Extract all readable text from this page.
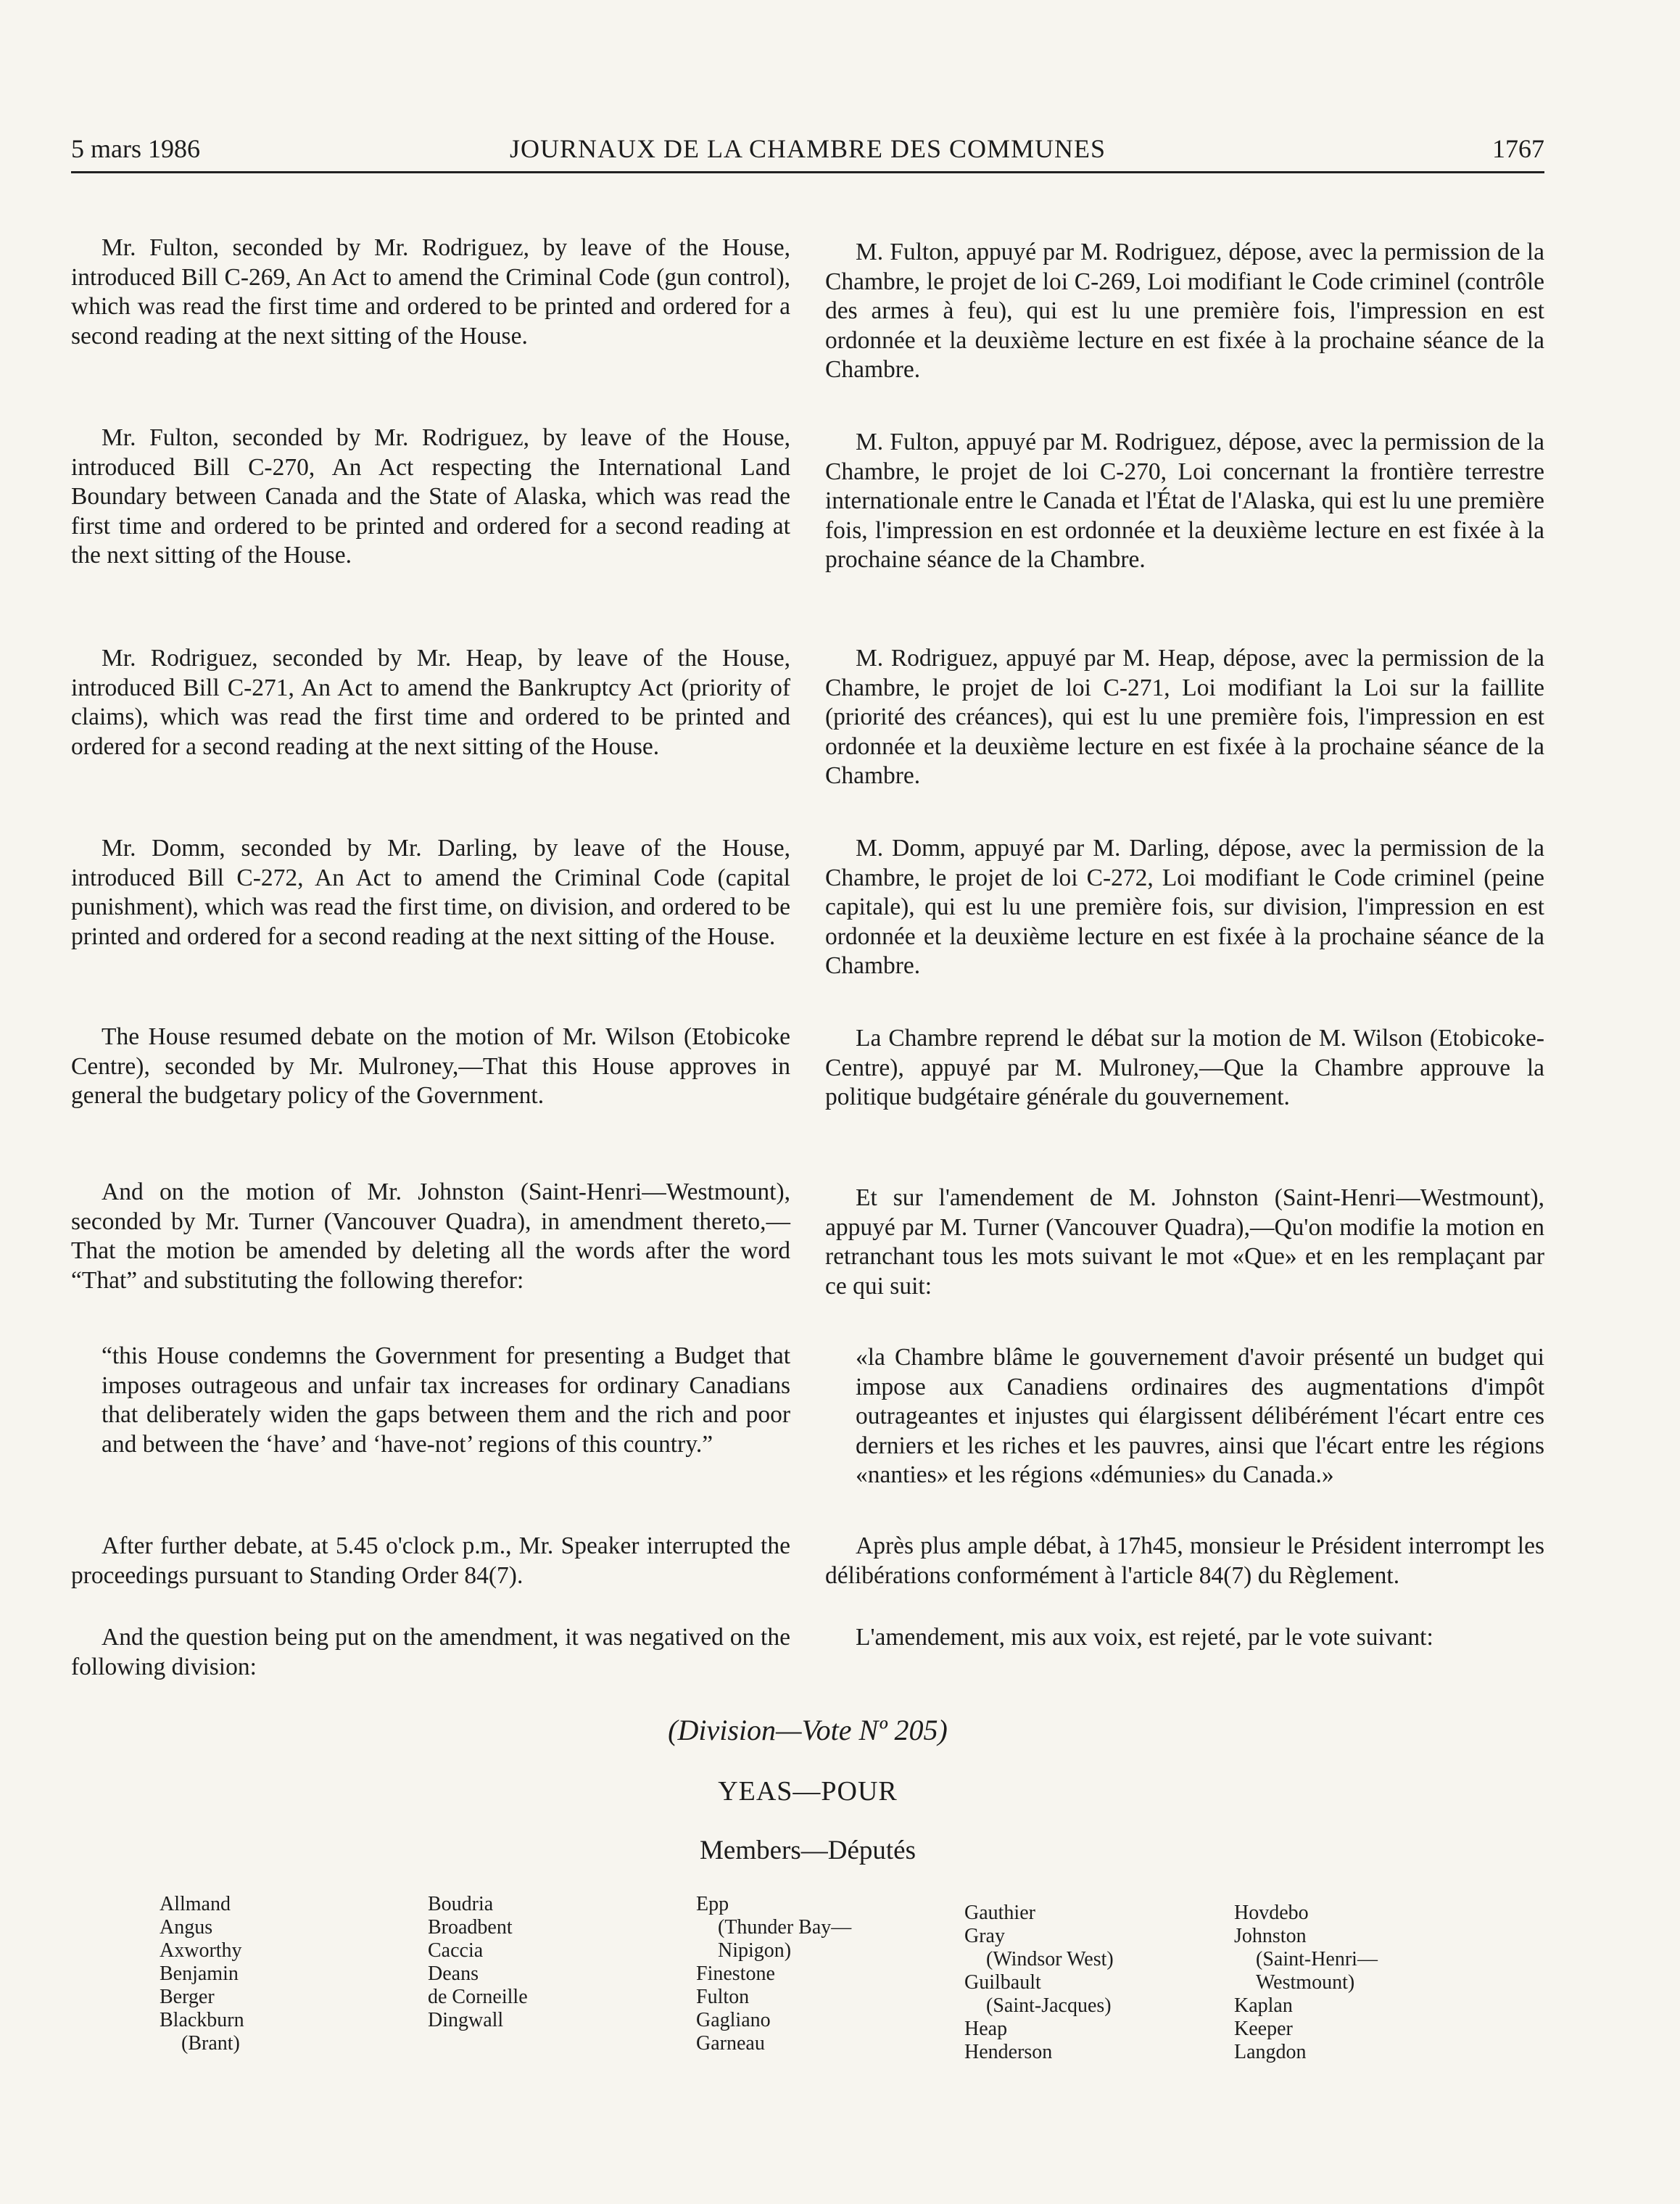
5 mars 1986	JOURNAUX DE LA CHAMBRE DES COMMUNES	1767

Mr. Fulton, seconded by Mr. Rodriguez, by leave of the House, introduced Bill C-269, An Act to amend the Criminal Code (gun control), which was read the first time and ordered to be printed and ordered for a second reading at the next sitting of the House.

Mr. Fulton, seconded by Mr. Rodriguez, by leave of the House, introduced Bill C-270, An Act respecting the International Land Boundary between Canada and the State of Alaska, which was read the first time and ordered to be printed and ordered for a second reading at the next sitting of the House.

Mr. Rodriguez, seconded by Mr. Heap, by leave of the House, introduced Bill C-271, An Act to amend the Bankruptcy Act (priority of claims), which was read the first time and ordered to be printed and ordered for a second reading at the next sitting of the House.

Mr. Domm, seconded by Mr. Darling, by leave of the House, introduced Bill C-272, An Act to amend the Criminal Code (capital punishment), which was read the first time, on division, and ordered to be printed and ordered for a second reading at the next sitting of the House.

The House resumed debate on the motion of Mr. Wilson (Etobicoke Centre), seconded by Mr. Mulroney,—That this House approves in general the budgetary policy of the Government.

And on the motion of Mr. Johnston (Saint-Henri—Westmount), seconded by Mr. Turner (Vancouver Quadra), in amendment thereto,—That the motion be amended by deleting all the words after the word “That” and substituting the following therefor:

“this House condemns the Government for presenting a Budget that imposes outrageous and unfair tax increases for ordinary Canadians that deliberately widen the gaps between them and the rich and poor and between the ‘have’ and ‘have-not’ regions of this country.”

After further debate, at 5.45 o'clock p.m., Mr. Speaker interrupted the proceedings pursuant to Standing Order 84(7).

And the question being put on the amendment, it was negatived on the following division:

M. Fulton, appuyé par M. Rodriguez, dépose, avec la permission de la Chambre, le projet de loi C-269, Loi modifiant le Code criminel (contrôle des armes à feu), qui est lu une première fois, l'impression en est ordonnée et la deuxième lecture en est fixée à la prochaine séance de la Chambre.

M. Fulton, appuyé par M. Rodriguez, dépose, avec la permission de la Chambre, le projet de loi C-270, Loi concernant la frontière terrestre internationale entre le Canada et l'État de l'Alaska, qui est lu une première fois, l'impression en est ordonnée et la deuxième lecture en est fixée à la prochaine séance de la Chambre.

M. Rodriguez, appuyé par M. Heap, dépose, avec la permission de la Chambre, le projet de loi C-271, Loi modifiant la Loi sur la faillite (priorité des créances), qui est lu une première fois, l'impression en est ordonnée et la deuxième lecture en est fixée à la prochaine séance de la Chambre.

M. Domm, appuyé par M. Darling, dépose, avec la permission de la Chambre, le projet de loi C-272, Loi modifiant le Code criminel (peine capitale), qui est lu une première fois, sur division, l'impression en est ordonnée et la deuxième lecture en est fixée à la prochaine séance de la Chambre.

La Chambre reprend le débat sur la motion de M. Wilson (Etobicoke-Centre), appuyé par M. Mulroney,—Que la Chambre approuve la politique budgétaire générale du gouvernement.

Et sur l'amendement de M. Johnston (Saint-Henri—Westmount), appuyé par M. Turner (Vancouver Quadra),—Qu'on modifie la motion en retranchant tous les mots suivant le mot «Que» et en les remplaçant par ce qui suit:

«la Chambre blâme le gouvernement d'avoir présenté un budget qui impose aux Canadiens ordinaires des augmentations d'impôt outrageantes et injustes qui élargissent délibérément l'écart entre ces derniers et les riches et les pauvres, ainsi que l'écart entre les régions «nanties» et les régions «démunies» du Canada.»

Après plus ample débat, à 17h45, monsieur le Président interrompt les délibérations conformément à l'article 84(7) du Règlement.

L'amendement, mis aux voix, est rejeté, par le vote suivant:

(Division—Vote Nº 205)
YEAS—POUR
Members—Députés
Allmand
Angus
Axworthy
Benjamin
Berger
Blackburn
(Brant)
Boudria
Broadbent
Caccia
Deans
de Corneille
Dingwall
Epp
(Thunder Bay—
Nipigon)
Finestone
Fulton
Gagliano
Garneau
Gauthier
Gray
(Windsor West)
Guilbault
(Saint-Jacques)
Heap
Henderson
Hovdebo
Johnston
(Saint-Henri—
Westmount)
Kaplan
Keeper
Langdon
